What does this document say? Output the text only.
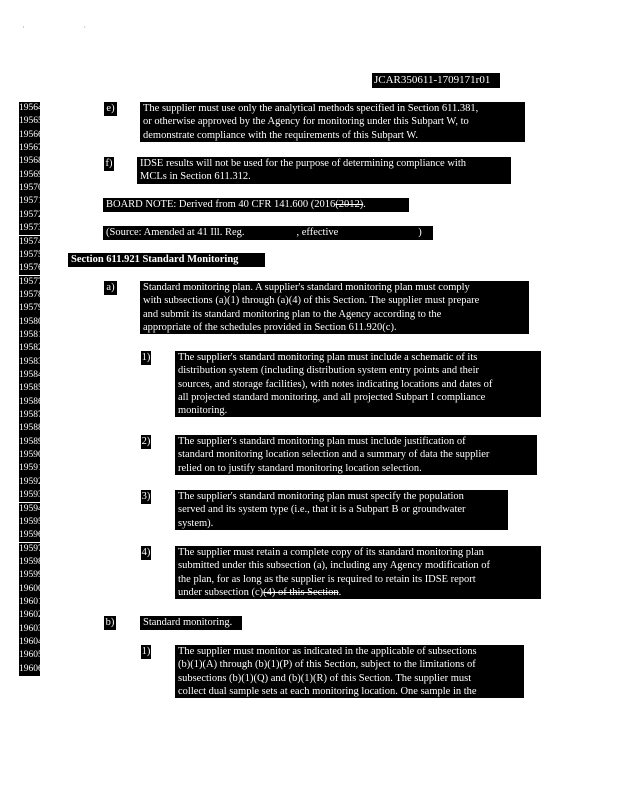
· ·
JCAR350611-1709171r01
19564
19565
19566
19567
19568
19569
19570
19571
19572
19573
19574
19575
19576
19577
19578
19579
19580
19581
19582
19583
19584
19585
19586
19587
19588
19589
19590
19591
19592
19593
19594
19595
19596
19597
19598
19599
19600
19601
19602
19603
19604
19605
19606
e)	The supplier must use only the analytical methods specified in Section 611.381,
or otherwise approved by the Agency for monitoring under this Subpart W, to
demonstrate compliance with the requirements of this Subpart W.
f)	IDSE results will not be used for the purpose of determining compliance with
MCLs in Section 611.312.
BOARD NOTE: Derived from 40 CFR 141.600 (2016(2012).
(Source: Amended at 41 Ill. Reg.	, effective	)
Section 611.921 Standard Monitoring
a)	Standard monitoring plan. A supplier's standard monitoring plan must comply
with subsections (a)(1) through (a)(4) of this Section. The supplier must prepare
and submit its standard monitoring plan to the Agency according to the
appropriate of the schedules provided in Section 611.920(c).
1)	The supplier's standard monitoring plan must include a schematic of its
distribution system (including distribution system entry points and their
sources, and storage facilities), with notes indicating locations and dates of
all projected standard monitoring, and all projected Subpart I compliance
monitoring.
2)	The supplier's standard monitoring plan must include justification of
standard monitoring location selection and a summary of data the supplier
relied on to justify standard monitoring location selection.
3)	The supplier's standard monitoring plan must specify the population
served and its system type (i.e., that it is a Subpart B or groundwater
system).
4)	The supplier must retain a complete copy of its standard monitoring plan
submitted under this subsection (a), including any Agency modification of
the plan, for as long as the supplier is required to retain its IDSE report
under subsection (c)(4) of this Section.
b)	Standard monitoring.
1)	The supplier must monitor as indicated in the applicable of subsections
(b)(1)(A) through (b)(1)(P) of this Section, subject to the limitations of
subsections (b)(1)(Q) and (b)(1)(R) of this Section. The supplier must
collect dual sample sets at each monitoring location. One sample in the
